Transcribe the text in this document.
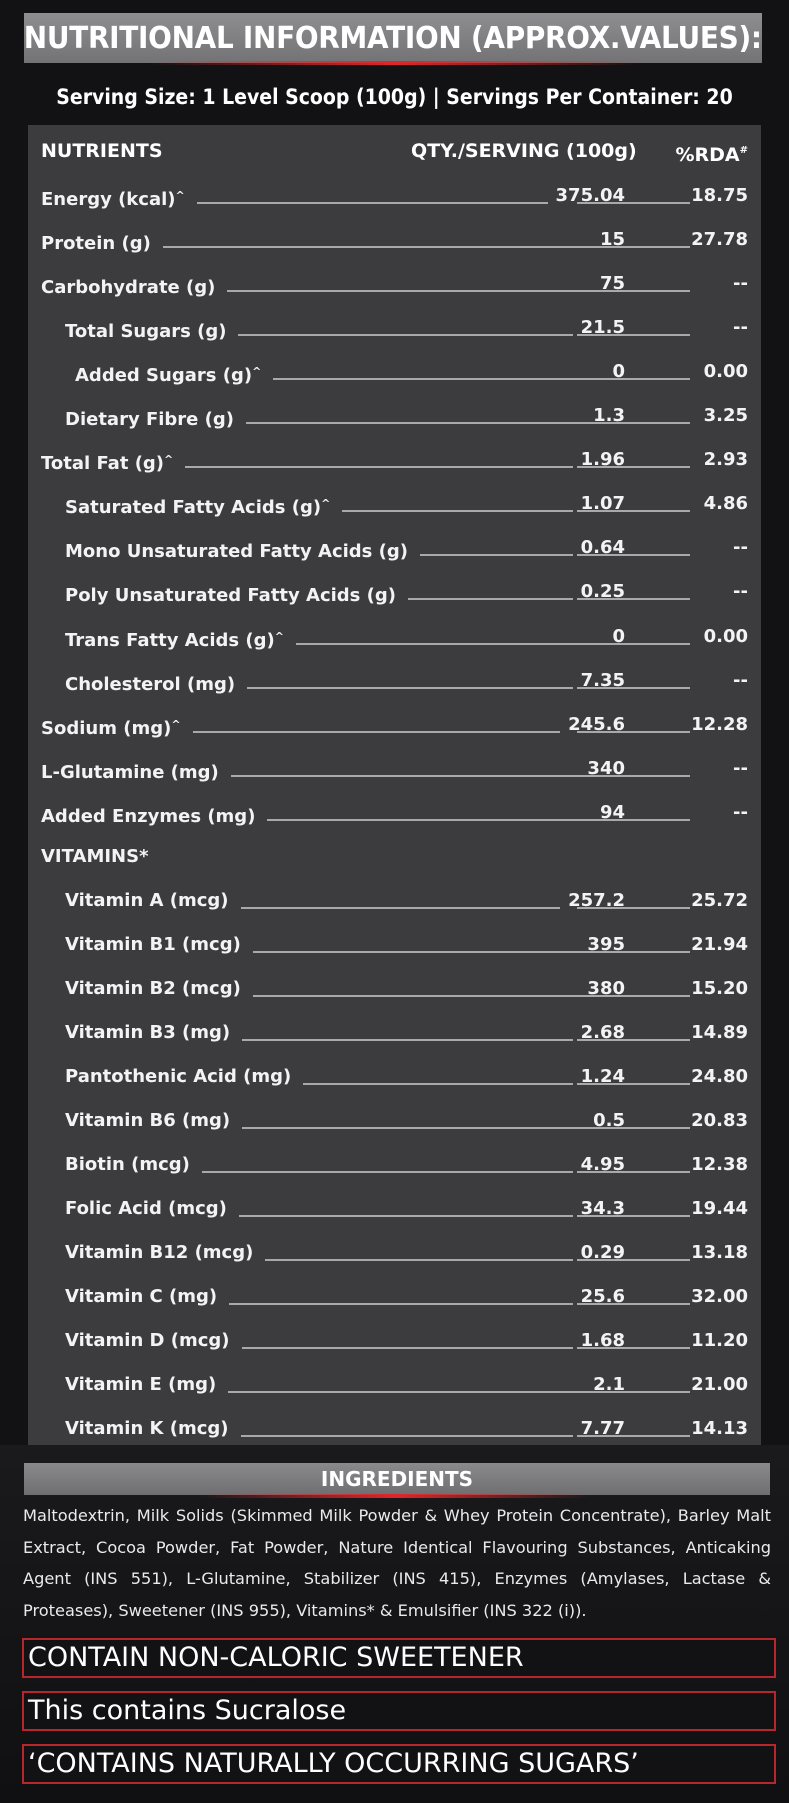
NUTRITIONAL INFORMATION (APPROX.VALUES):
Serving Size: 1 Level Scoop (100g) | Servings Per Container: 20
NUTRIENTS	QTY./SERVING (100g) %RDA#
Energy (kcal)^	375.04	18.75
Protein (g)	15	27.78
Carbohydrate (g)	75	--
Total Sugars (g)	21.5	--
Added Sugars (g)^	0	0.00
Dietary Fibre (g)	1.3	3.25
Total Fat (g)^	1.96	2.93
Saturated Fatty Acids (g)^	1.07	4.86
Mono Unsaturated Fatty Acids (g)	0.64	--
Poly Unsaturated Fatty Acids (g)	0.25	--
Trans Fatty Acids (g)^	0	0.00
Cholesterol (mg)	7.35	--
Sodium (mg)^	245.6	12.28
L-Glutamine (mg)	340	--
Added Enzymes (mg)	94	--
VITAMINS*
Vitamin A (mcg)	257.2	25.72
Vitamin B1 (mcg)	395	21.94
Vitamin B2 (mcg)	380	15.20
Vitamin B3 (mg)	2.68	14.89
Pantothenic Acid (mg)	1.24	24.80
Vitamin B6 (mg)	0.5	20.83
Biotin (mcg)	4.95	12.38
Folic Acid (mcg)	34.3	19.44
Vitamin B12 (mcg)	0.29	13.18
Vitamin C (mg)	25.6	32.00
Vitamin D (mcg)	1.68	11.20
Vitamin E (mg)	2.1	21.00
Vitamin K (mcg)	7.77	14.13
INGREDIENTS
Maltodextrin, Milk Solids (Skimmed Milk Powder & Whey Protein Concentrate), Barley Malt Extract, Cocoa Powder, Fat Powder, Nature Identical Flavouring Substances, Anticaking Agent (INS 551), L-Glutamine, Stabilizer (INS 415), Enzymes (Amylases, Lactase & Proteases), Sweetener (INS 955), Vitamins* & Emulsifier (INS 322 (i)).
CONTAIN NON-CALORIC SWEETENER
This contains Sucralose
‘CONTAINS NATURALLY OCCURRING SUGARS’
